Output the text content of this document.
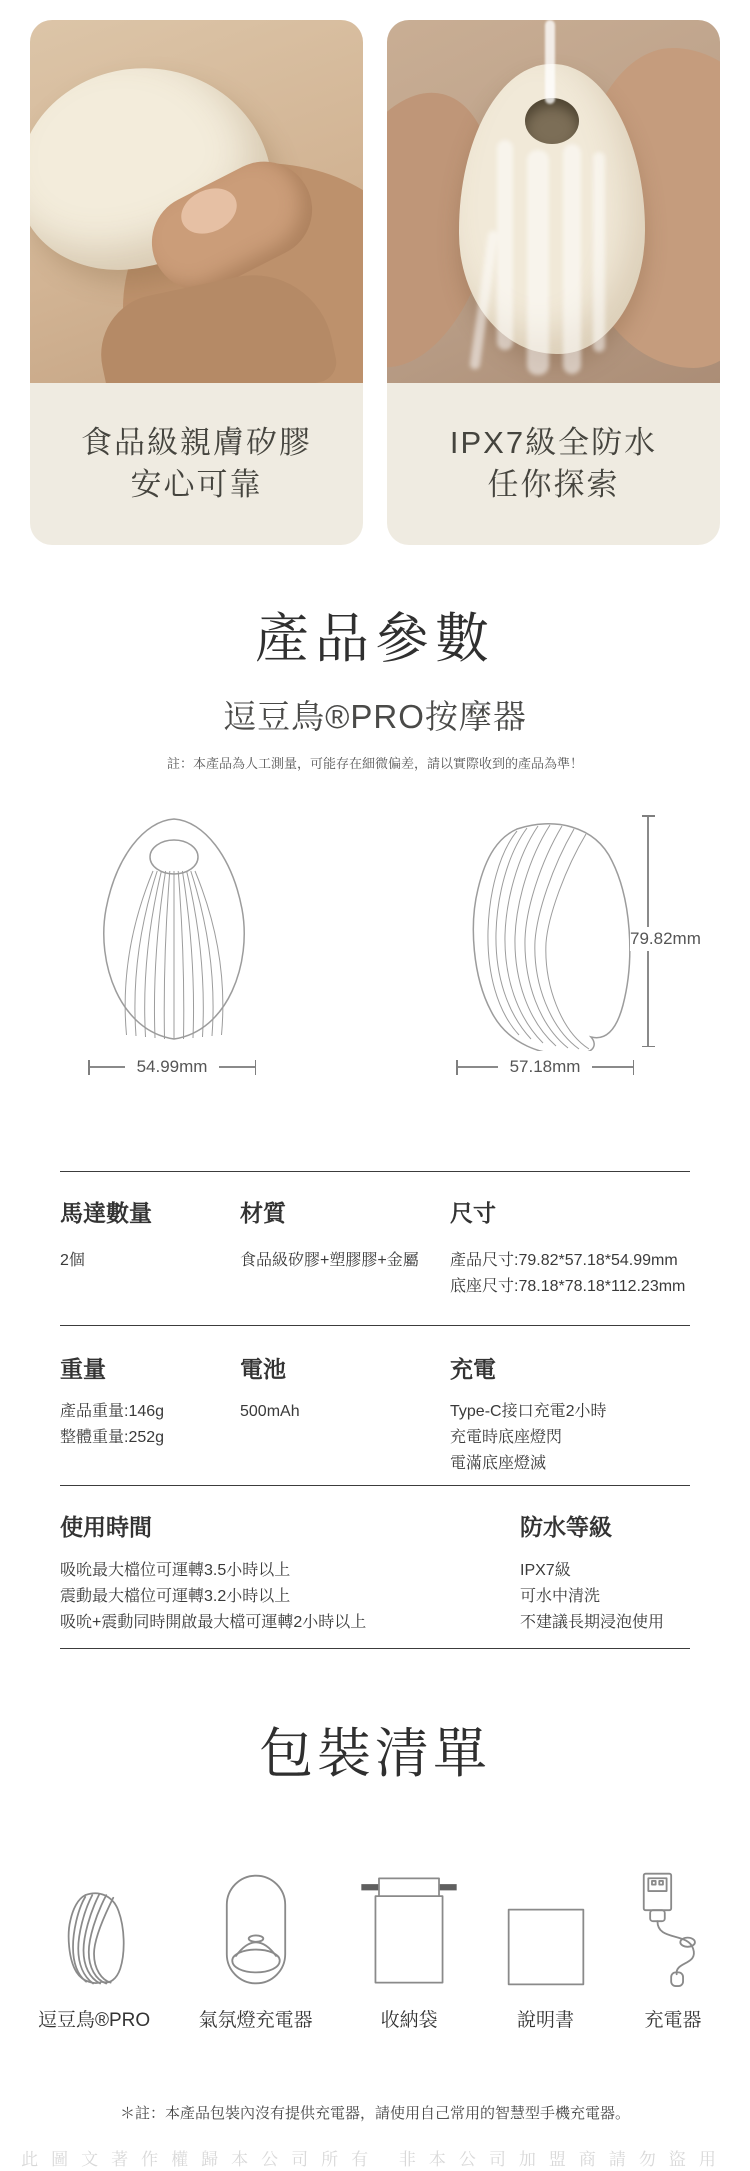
食品級親膚矽膠
安心可靠
IPX7級全防水
任你探索
產品參數
逗豆鳥®PRO按摩器
註：本產品為人工測量，可能存在細微偏差，請以實際收到的產品為準！
79.82mm
54.99mm	57.18mm
馬達數量
2個
材質
食品級矽膠+塑膠膠+金屬
尺寸
產品尺寸:79.82*57.18*54.99mm
底座尺寸:78.18*78.18*112.23mm
重量
產品重量:146g
整體重量:252g
電池
500mAh
充電
Type-C接口充電2小時
充電時底座燈閃
電滿底座燈滅
使用時間
吸吮最大檔位可運轉3.5小時以上
震動最大檔位可運轉3.2小時以上
吸吮+震動同時開啟最大檔可運轉2小時以上
防水等級
IPX7級
可水中清洗
不建議長期浸泡使用
包裝清單
逗豆鳥®PRO	氣氛燈充電器	收納袋	說明書	充電器
＊註：本產品包裝內沒有提供充電器，請使用自己常用的智慧型手機充電器。
此圖文著作權歸本公司所有 非本公司加盟商請勿盜用
